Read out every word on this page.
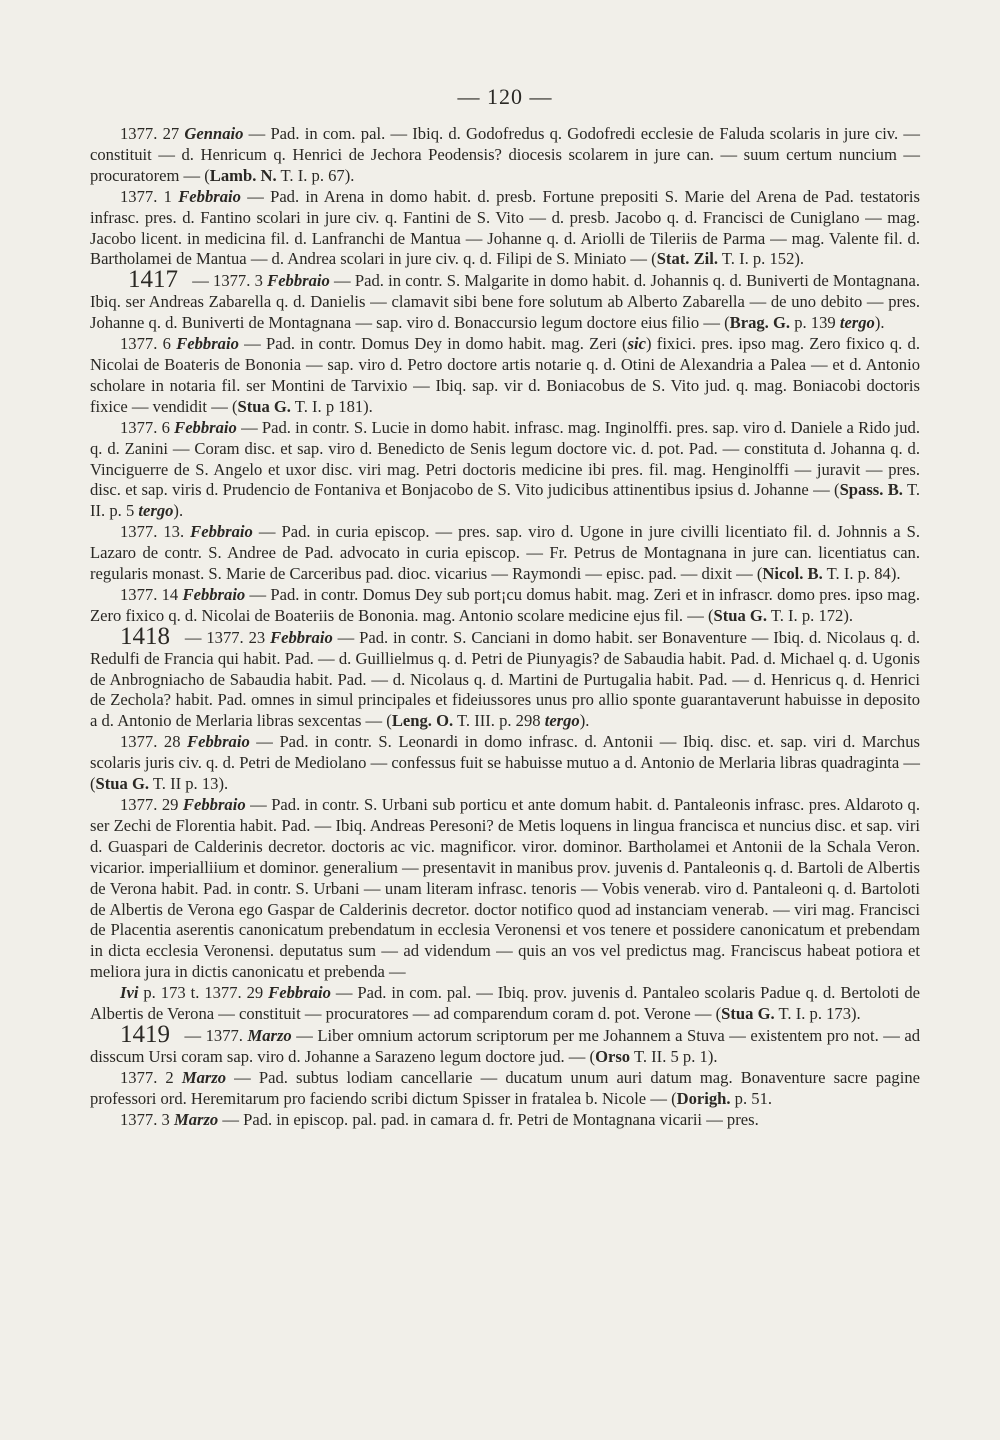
— 120 —

1377. 27 Gennaio — Pad. in com. pal. — Ibiq. d. Godofredus q. Godofredi ecclesie de Faluda scolaris in jure civ. — constituit — d. Henricum q. Henrici de Jechora Peodensis? diocesis scolarem in jure can. — suum certum nuncium — procuratorem — (Lamb. N. T. I. p. 67).

1377. 1 Febbraio — Pad. in Arena in domo habit. d. presb. Fortune prepositi S. Marie del Arena de Pad. testatoris infrasc. pres. d. Fantino scolari in jure civ. q. Fantini de S. Vito — d. presb. Jacobo q. d. Francisci de Cuniglano — mag. Jacobo licent. in medicina fil. d. Lanfranchi de Mantua — Johanne q. d. Ariolli de Tileriis de Parma — mag. Valente fil. d. Bartholamei de Mantua — d. Andrea scolari in jure civ. q. d. Filipi de S. Miniato — (Stat. Zil. T. I. p. 152).

1417 — 1377. 3 Febbraio — Pad. in contr. S. Malgarite in domo habit. d. Johannis q. d. Buniverti de Montagnana. Ibiq. ser Andreas Zabarella q. d. Danielis — clamavit sibi bene fore solutum ab Alberto Zabarella — de uno debito — pres. Johanne q. d. Buniverti de Montagnana — sap. viro d. Bonaccursio legum doctore eius filio — (Brag. G. p. 139 tergo).

1377. 6 Febbraio — Pad. in contr. Domus Dey in domo habit. mag. Zeri (sic) fixici. pres. ipso mag. Zero fixico q. d. Nicolai de Boateris de Bononia — sap. viro d. Petro doctore artis notarie q. d. Otini de Alexandria a Palea — et d. Antonio scholare in notaria fil. ser Montini de Tarvixio — Ibiq. sap. vir d. Boniacobus de S. Vito jud. q. mag. Boniacobi doctoris fixice — vendidit — (Stua G. T. I. p 181).

1377. 6 Febbraio — Pad. in contr. S. Lucie in domo habit. infrasc. mag. Inginolffi. pres. sap. viro d. Daniele a Rido jud. q. d. Zanini — Coram disc. et sap. viro d. Benedicto de Senis legum doctore vic. d. pot. Pad. — constituta d. Johanna q. d. Vinciguerre de S. Angelo et uxor disc. viri mag. Petri doctoris medicine ibi pres. fil. mag. Henginolffi — juravit — pres. disc. et sap. viris d. Prudencio de Fontaniva et Bonjacobo de S. Vito judicibus attinentibus ipsius d. Johanne — (Spass. B. T. II. p. 5 tergo).

1377. 13. Febbraio — Pad. in curia episcop. — pres. sap. viro d. Ugone in jure civilli licentiato fil. d. Johnnis a S. Lazaro de contr. S. Andree de Pad. advocato in curia episcop. — Fr. Petrus de Montagnana in jure can. licentiatus can. regularis monast. S. Marie de Carceribus pad. dioc. vicarius — Raymondi — episc. pad. — dixit — (Nicol. B. T. I. p. 84).

1377. 14 Febbraio — Pad. in contr. Domus Dey sub port¡cu domus habit. mag. Zeri et in infrascr. domo pres. ipso mag. Zero fixico q. d. Nicolai de Boateriis de Bononia. mag. Antonio scolare medicine ejus fil. — (Stua G. T. I. p. 172).

1418 — 1377. 23 Febbraio — Pad. in contr. S. Canciani in domo habit. ser Bonaventure — Ibiq. d. Nicolaus q. d. Redulfi de Francia qui habit. Pad. — d. Guillielmus q. d. Petri de Piunyagis? de Sabaudia habit. Pad. d. Michael q. d. Ugonis de Anbrogniacho de Sabaudia habit. Pad. — d. Nicolaus q. d. Martini de Purtugalia habit. Pad. — d. Henricus q. d. Henrici de Zechola? habit. Pad. omnes in simul principales et fideiussores unus pro allio sponte guarantaverunt habuisse in deposito a d. Antonio de Merlaria libras sexcentas — (Leng. O. T. III. p. 298 tergo).

1377. 28 Febbraio — Pad. in contr. S. Leonardi in domo infrasc. d. Antonii — Ibiq. disc. et. sap. viri d. Marchus scolaris juris civ. q. d. Petri de Mediolano — confessus fuit se habuisse mutuo a d. Antonio de Merlaria libras quadraginta — (Stua G. T. II p. 13).

1377. 29 Febbraio — Pad. in contr. S. Urbani sub porticu et ante domum habit. d. Pantaleonis infrasc. pres. Aldaroto q. ser Zechi de Florentia habit. Pad. — Ibiq. Andreas Peresoni? de Metis loquens in lingua francisca et nuncius disc. et sap. viri d. Guaspari de Calderinis decretor. doctoris ac vic. magnificor. viror. dominor. Bartholamei et Antonii de la Schala Veron. vicarior. imperialliium et dominor. generalium — presentavit in manibus prov. juvenis d. Pantaleonis q. d. Bartoli de Albertis de Verona habit. Pad. in contr. S. Urbani — unam literam infrasc. tenoris — Vobis venerab. viro d. Pantaleoni q. d. Bartoloti de Albertis de Verona ego Gaspar de Calderinis decretor. doctor notifico quod ad instanciam venerab. — viri mag. Francisci de Placentia aserentis canonicatum prebendatum in ecclesia Veronensi et vos tenere et possidere canonicatum et prebendam in dicta ecclesia Veronensi. deputatus sum — ad videndum — quis an vos vel predictus mag. Franciscus habeat potiora et meliora jura in dictis canonicatu et prebenda —

Ivi p. 173 t. 1377. 29 Febbraio — Pad. in com. pal. — Ibiq. prov. juvenis d. Pantaleo scolaris Padue q. d. Bertoloti de Albertis de Verona — constituit — procuratores — ad comparendum coram d. pot. Verone — (Stua G. T. I. p. 173).

1419 — 1377. Marzo — Liber omnium actorum scriptorum per me Johannem a Stuva — existentem pro not. — ad disscum Ursi coram sap. viro d. Johanne a Sarazeno legum doctore jud. — (Orso T. II. 5 p. 1).

1377. 2 Marzo — Pad. subtus lodiam cancellarie — ducatum unum auri datum mag. Bonaventure sacre pagine professori ord. Heremitarum pro faciendo scribi dictum Spisser in fratalea b. Nicole — (Dorigh. p. 51.

1377. 3 Marzo — Pad. in episcop. pal. pad. in camara d. fr. Petri de Montagnana vicarii — pres.
